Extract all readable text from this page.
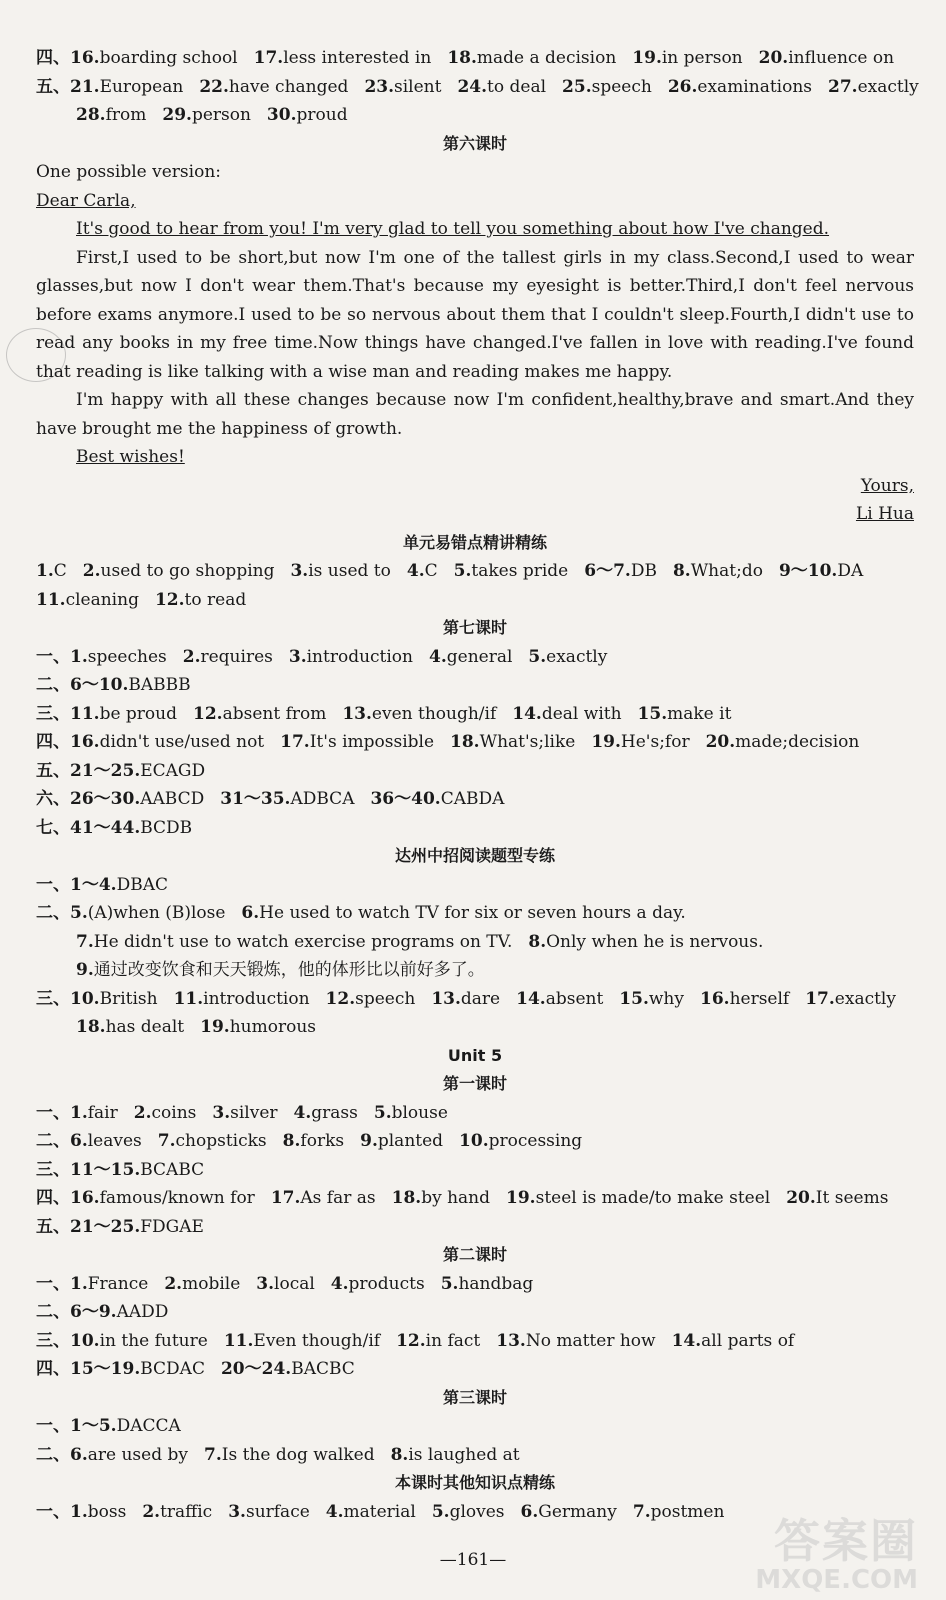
四、16.boarding school 17.less interested in 18.made a decision 19.in person 20.influence on
五、21.European 22.have changed 23.silent 24.to deal 25.speech 26.examinations 27.exactly
28.from 29.person 30.proud
第六课时
One possible version:
Dear Carla,
It's good to hear from you! I'm very glad to tell you something about how I've changed.

First,I used to be short,but now I'm one of the tallest girls in my class.Second,I used to wear glasses,but now I don't wear them.That's because my eyesight is better.Third,I don't feel nervous before exams anymore.I used to be so nervous about them that I couldn't sleep.Fourth,I didn't use to read any books in my free time.Now things have changed.I've fallen in love with reading.I've found that reading is like talking with a wise man and reading makes me happy.

I'm happy with all these changes because now I'm confident,healthy,brave and smart.And they have brought me the happiness of growth.

Best wishes!
Yours,
Li Hua
单元易错点精讲精练
1.C 2.used to go shopping 3.is used to 4.C 5.takes pride 6～7.DB 8.What;do 9～10.DA
11.cleaning 12.to read
第七课时
一、1.speeches 2.requires 3.introduction 4.general 5.exactly
二、6～10.BABBB
三、11.be proud 12.absent from 13.even though/if 14.deal with 15.make it
四、16.didn't use/used not 17.It's impossible 18.What's;like 19.He's;for 20.made;decision
五、21～25.ECAGD
六、26～30.AABCD 31～35.ADBCA 36～40.CABDA
七、41～44.BCDB
达州中招阅读题型专练
一、1～4.DBAC
二、5.(A)when (B)lose 6.He used to watch TV for six or seven hours a day.
7.He didn't use to watch exercise programs on TV. 8.Only when he is nervous.
9.通过改变饮食和天天锻炼，他的体形比以前好多了。
三、10.British 11.introduction 12.speech 13.dare 14.absent 15.why 16.herself 17.exactly
18.has dealt 19.humorous
Unit 5
第一课时
一、1.fair 2.coins 3.silver 4.grass 5.blouse
二、6.leaves 7.chopsticks 8.forks 9.planted 10.processing
三、11～15.BCABC
四、16.famous/known for 17.As far as 18.by hand 19.steel is made/to make steel 20.It seems
五、21～25.FDGAE
第二课时
一、1.France 2.mobile 3.local 4.products 5.handbag
二、6～9.AADD
三、10.in the future 11.Even though/if 12.in fact 13.No matter how 14.all parts of
四、15～19.BCDAC 20～24.BACBC
第三课时
一、1～5.DACCA
二、6.are used by 7.Is the dog walked 8.is laughed at
本课时其他知识点精练
一、1.boss 2.traffic 3.surface 4.material 5.gloves 6.Germany 7.postmen
—161—	答案圈
MXQE.COM
